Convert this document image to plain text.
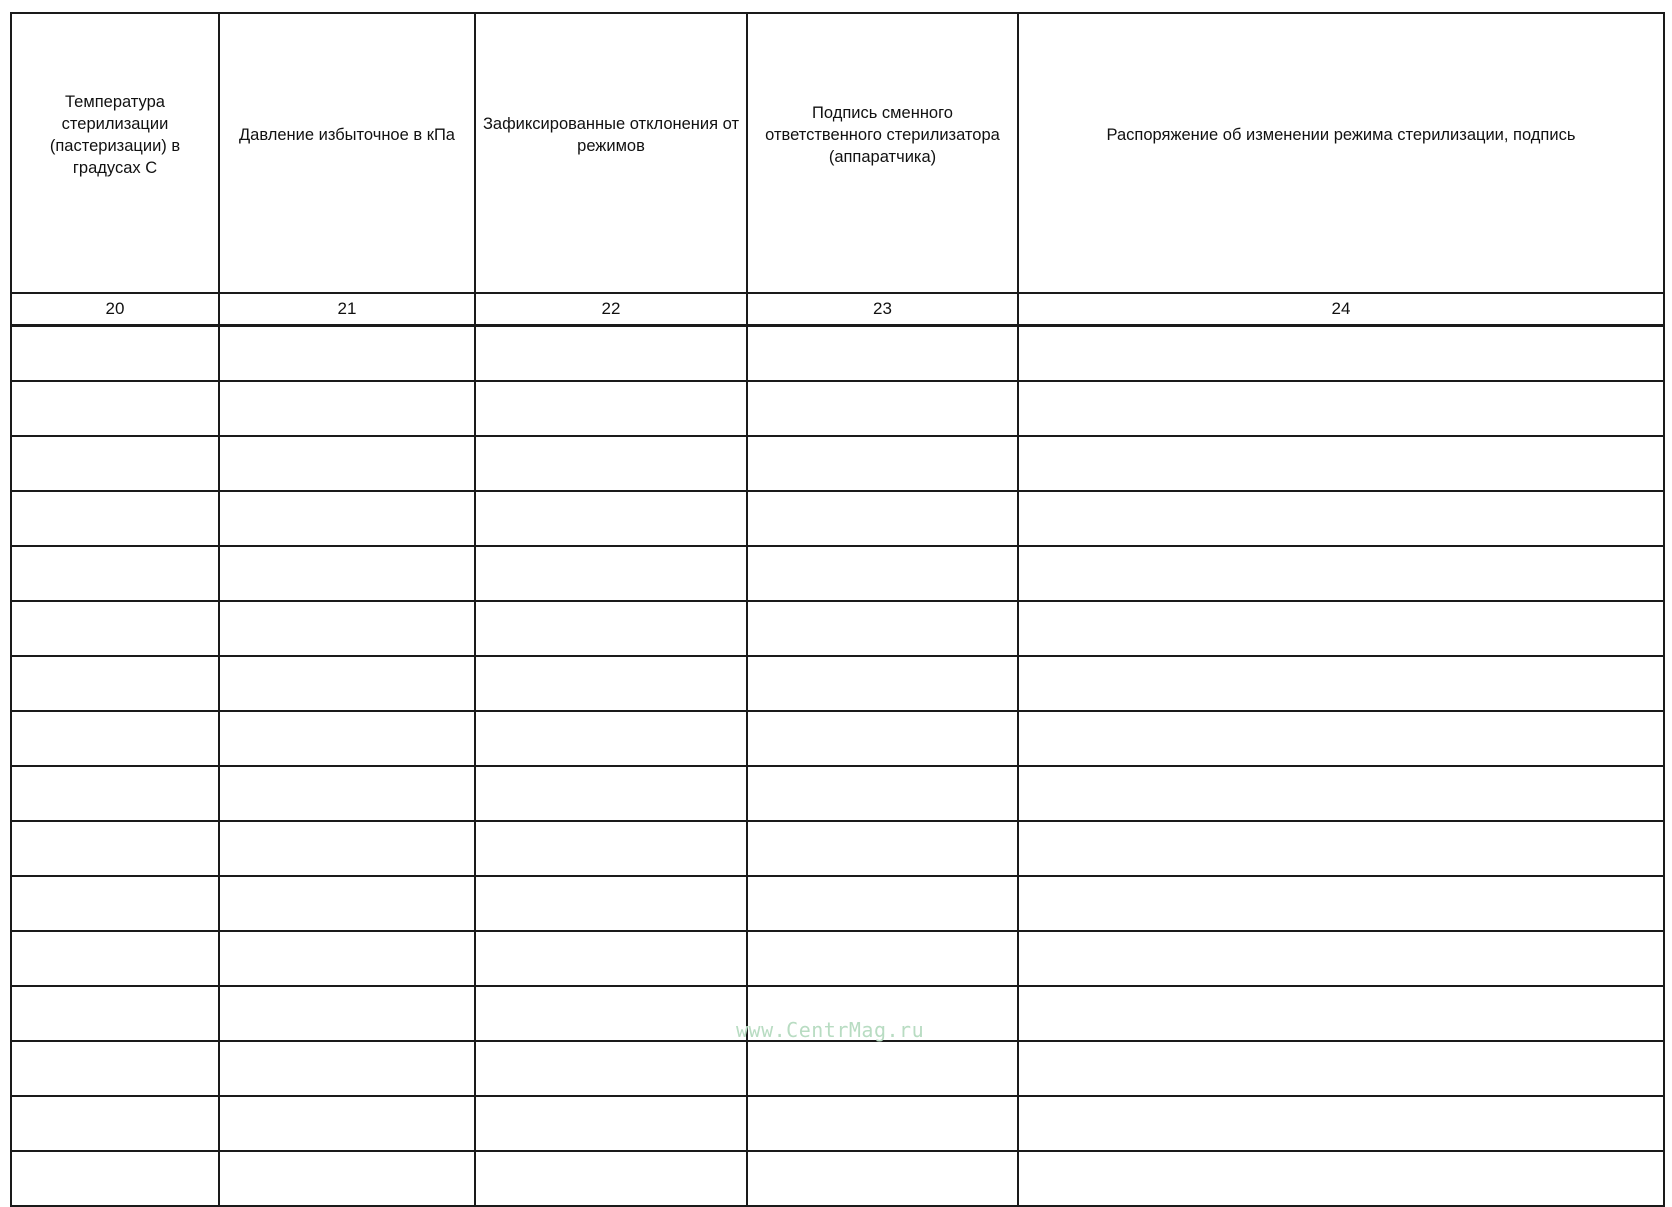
Температура стерилизации (пастеризации) в градусах С	Давление избыточное в кПа	Зафиксированные отклонения от режимов	Подпись сменного ответственного стерилизатора (аппаратчика)	Распоряжение об изменении режима стерилизации, подпись
20	21	22	23	24

www.CentrMag.ru
